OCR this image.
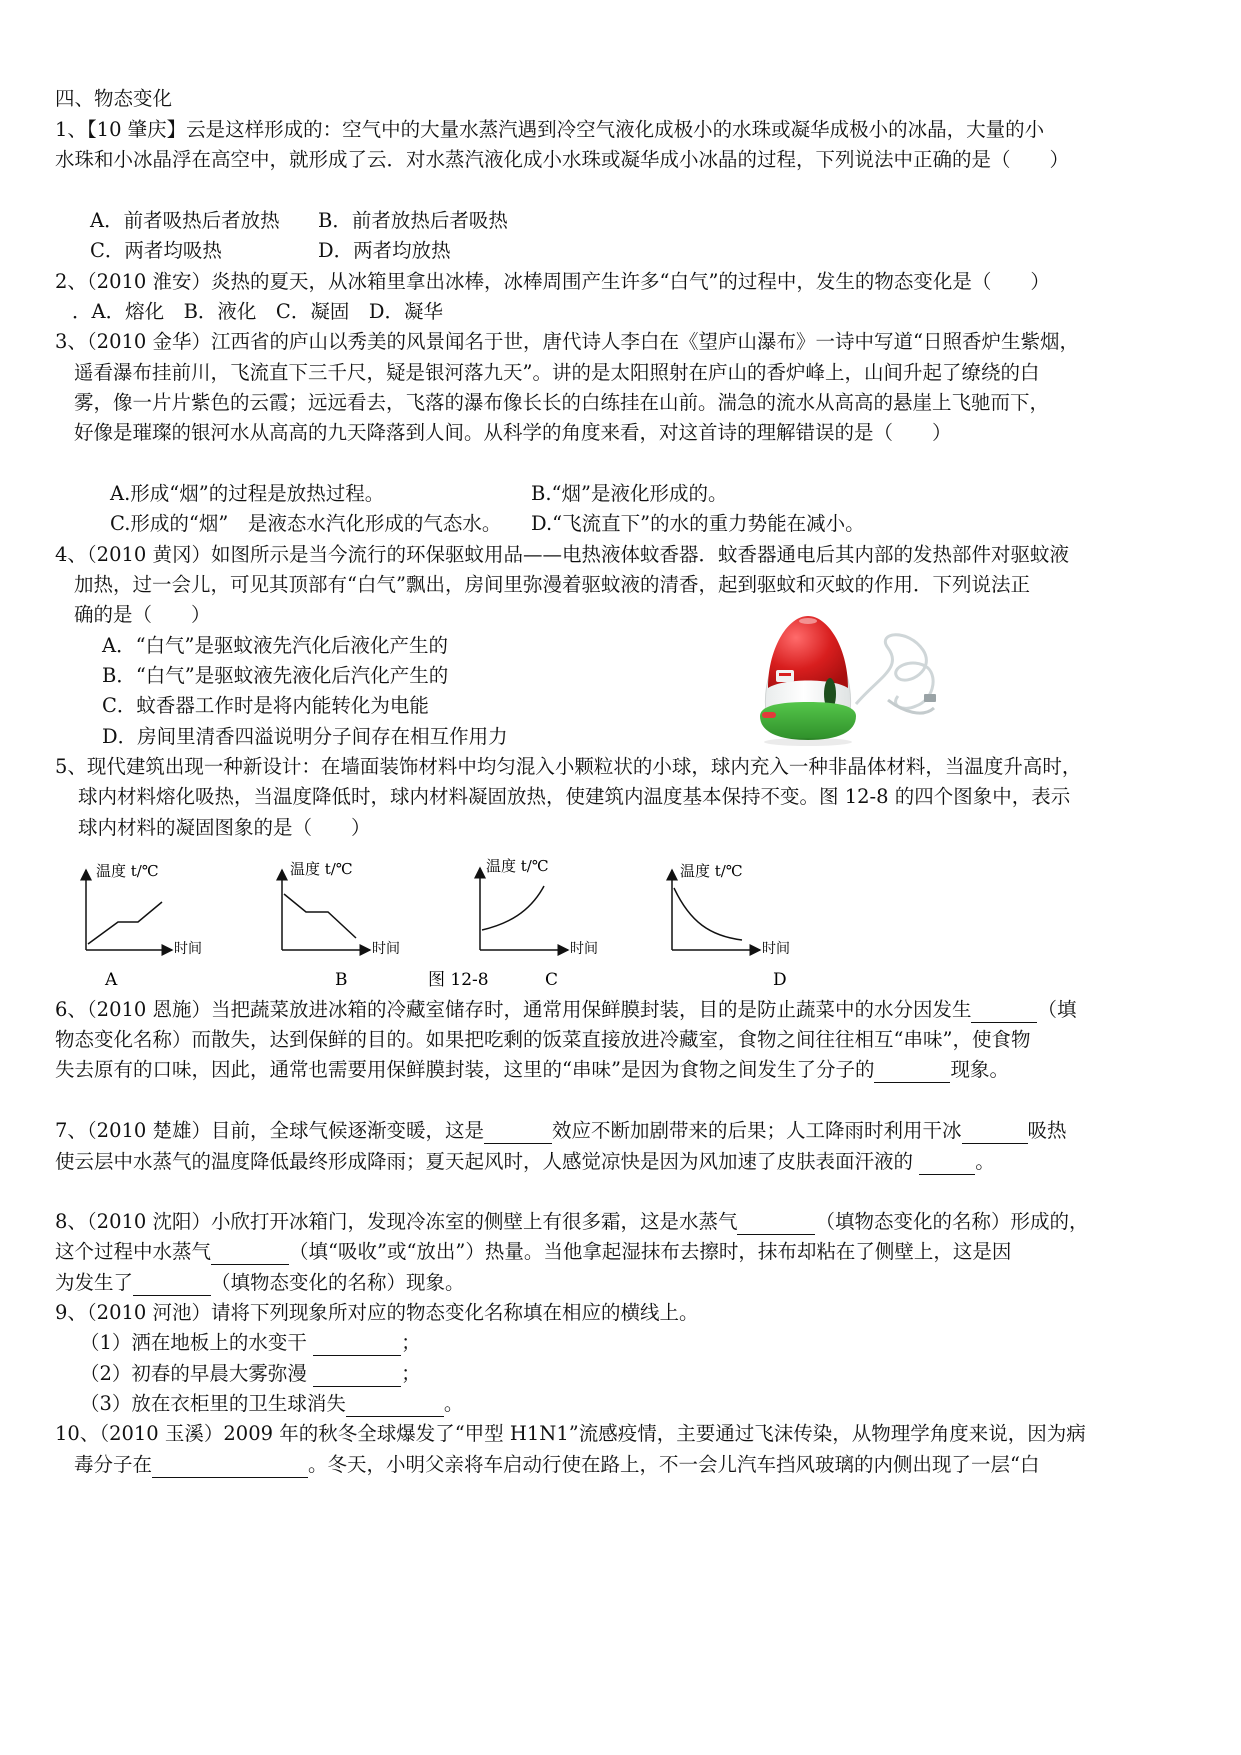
四、物态变化
1、【10 肇庆】云是这样形成的：空气中的大量水蒸汽遇到冷空气液化成极小的水珠或凝华成极小的冰晶，大量的小
水珠和小冰晶浮在高空中，就形成了云．对水蒸汽液化成小水珠或凝华成小冰晶的过程，下列说法中正确的是（　　）
A．前者吸热后者放热 B．前者放热后者吸热
C．两者均吸热	D．两者均放热
2、（2010 淮安）炎热的夏天，从冰箱里拿出冰棒，冰棒周围产生许多“白气”的过程中，发生的物态变化是（　　）
．A．熔化　B．液化　C．凝固　D．凝华
3、（2010 金华）江西省的庐山以秀美的风景闻名于世，唐代诗人李白在《望庐山瀑布》一诗中写道“日照香炉生紫烟，
遥看瀑布挂前川，飞流直下三千尺，疑是银河落九天”。讲的是太阳照射在庐山的香炉峰上，山间升起了缭绕的白
雾，像一片片紫色的云霞；远远看去，飞落的瀑布像长长的白练挂在山前。湍急的流水从高高的悬崖上飞驰而下，
好像是璀璨的银河水从高高的九天降落到人间。从科学的角度来看，对这首诗的理解错误的是（　　）
A.形成“烟”的过程是放热过程。	B.“烟”是液化形成的。
C.形成的“烟”　是液态水汽化形成的气态水。 D.“飞流直下”的水的重力势能在减小。
4、（2010 黄冈）如图所示是当今流行的环保驱蚊用品——电热液体蚊香器．蚊香器通电后其内部的发热部件对驱蚊液
加热，过一会儿，可见其顶部有“白气”飘出，房间里弥漫着驱蚊液的清香，起到驱蚊和灭蚊的作用．下列说法正
确的是（　　）
A．“白气”是驱蚊液先汽化后液化产生的
B．“白气”是驱蚊液先液化后汽化产生的
C．蚊香器工作时是将内能转化为电能
D．房间里清香四溢说明分子间存在相互作用力
5、现代建筑出现一种新设计：在墙面装饰材料中均匀混入小颗粒状的小球，球内充入一种非晶体材料，当温度升高时，
球内材料熔化吸热，当温度降低时，球内材料凝固放热，使建筑内温度基本保持不变。图 12-8 的四个图象中，表示
球内材料的凝固图象的是（　　）
温度 t/℃
时间
A
温度 t/℃
时间
B	图 12-8
温度 t/℃
时间
C
温度 t/℃
时间
D
6、（2010 恩施）当把蔬菜放进冰箱的冷藏室储存时，通常用保鲜膜封装，目的是防止蔬菜中的水分因发生	（填
物态变化名称）而散失，达到保鲜的目的。如果把吃剩的饭菜直接放进冷藏室，食物之间往往相互“串味”，使食物
失去原有的口味，因此，通常也需要用保鲜膜封装，这里的“串味”是因为食物之间发生了分子的	现象。
7、（2010 楚雄）目前，全球气候逐渐变暖，这是	效应不断加剧带来的后果；人工降雨时利用干冰	吸热
使云层中水蒸气的温度降低最终形成降雨；夏天起风时，人感觉凉快是因为风加速了皮肤表面汗液的	。
8、（2010 沈阳）小欣打开冰箱门，发现冷冻室的侧壁上有很多霜，这是水蒸气	（填物态变化的名称）形成的，
这个过程中水蒸气	（填“吸收”或“放出”）热量。当他拿起湿抹布去擦时，抹布却粘在了侧壁上，这是因
为发生了	（填物态变化的名称）现象。
9、（2010 河池）请将下列现象所对应的物态变化名称填在相应的横线上。
（1）洒在地板上的水变干	；
（2）初春的早晨大雾弥漫	；
（3）放在衣柜里的卫生球消失	。
10、（2010 玉溪）2009 年的秋冬全球爆发了“甲型 H1N1”流感疫情，主要通过飞沫传染，从物理学角度来说，因为病
毒分子在	。冬天，小明父亲将车启动行使在路上，不一会儿汽车挡风玻璃的内侧出现了一层“白
